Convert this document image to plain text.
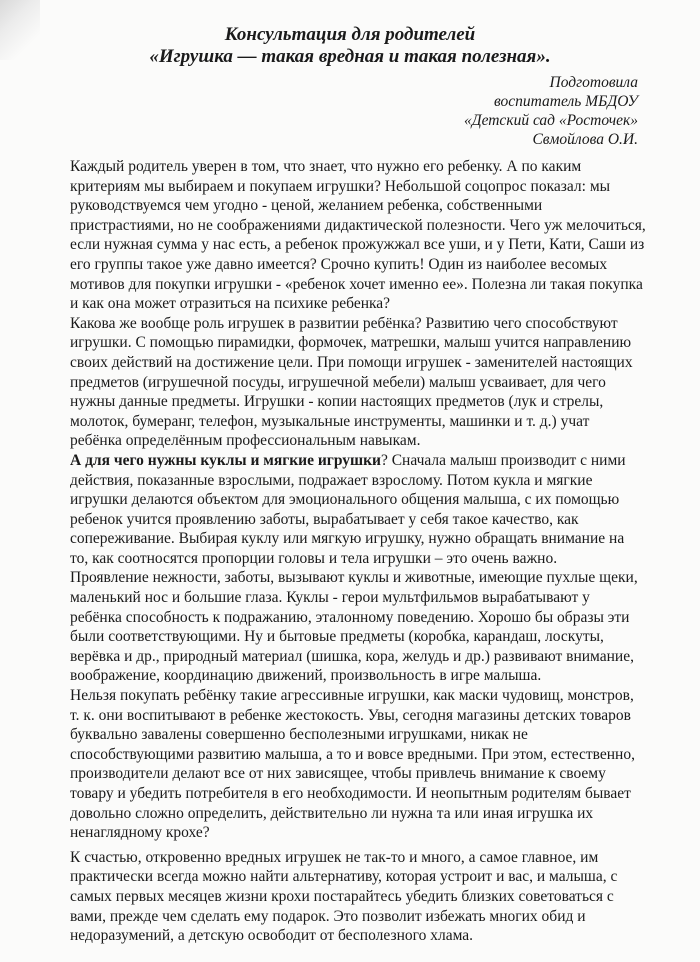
Консультация для родителей
«Игрушка — такая вредная и такая полезная».
Подготовила
воспитатель МБДОУ
«Детский сад «Росточек»
Свмойлова О.И.
Каждый родитель уверен в том, что знает, что нужно его ребенку. А по каким
критериям мы выбираем и покупаем игрушки? Небольшой соцопрос показал: мы
руководствуемся чем угодно - ценой, желанием ребенка, собственными
пристрастиями, но не соображениями дидактической полезности. Чего уж мелочиться,
если нужная сумма у нас есть, а ребенок прожужжал все уши, и у Пети, Кати, Саши из
его группы такое уже давно имеется? Срочно купить! Один из наиболее весомых
мотивов для покупки игрушки - «ребенок хочет именно ее». Полезна ли такая покупка
и как она может отразиться на психике ребенка?
Какова же вообще роль игрушек в развитии ребёнка? Развитию чего способствуют
игрушки. С помощью пирамидки, формочек, матрешки, малыш учится направлению
своих действий на достижение цели. При помощи игрушек - заменителей настоящих
предметов (игрушечной посуды, игрушечной мебели) малыш усваивает, для чего
нужны данные предметы. Игрушки - копии настоящих предметов (лук и стрелы,
молоток, бумеранг, телефон, музыкальные инструменты, машинки и т. д.) учат
ребёнка определённым профессиональным навыкам.
А для чего нужны куклы и мягкие игрушки? Сначала малыш производит с ними
действия, показанные взрослыми, подражает взрослому. Потом кукла и мягкие
игрушки делаются объектом для эмоционального общения малыша, с их помощью
ребенок учится проявлению заботы, вырабатывает у себя такое качество, как
сопереживание. Выбирая куклу или мягкую игрушку, нужно обращать внимание на
то, как соотносятся пропорции головы и тела игрушки – это очень важно.
Проявление нежности, заботы, вызывают куклы и животные, имеющие пухлые щеки,
маленький нос и большие глаза. Куклы - герои мультфильмов вырабатывают у
ребёнка способность к подражанию, эталонному поведению. Хорошо бы образы эти
были соответствующими. Ну и бытовые предметы (коробка, карандаш, лоскуты,
верёвка и др., природный материал (шишка, кора, желудь и др.) развивают внимание,
воображение, координацию движений, произвольность в игре малыша.
Нельзя покупать ребёнку такие агрессивные игрушки, как маски чудовищ, монстров,
т. к. они воспитывают в ребенке жестокость. Увы, сегодня магазины детских товаров
буквально завалены совершенно бесполезными игрушками, никак не
способствующими развитию малыша, а то и вовсе вредными. При этом, естественно,
производители делают все от них зависящее, чтобы привлечь внимание к своему
товару и убедить потребителя в его необходимости. И неопытным родителям бывает
довольно сложно определить, действительно ли нужна та или иная игрушка их
ненаглядному крохе?
К счастью, откровенно вредных игрушек не так-то и много, а самое главное, им
практически всегда можно найти альтернативу, которая устроит и вас, и малыша, с
самых первых месяцев жизни крохи постарайтесь убедить близких советоваться с
вами, прежде чем сделать ему подарок. Это позволит избежать многих обид и
недоразумений, а детскую освободит от бесполезного хлама.
